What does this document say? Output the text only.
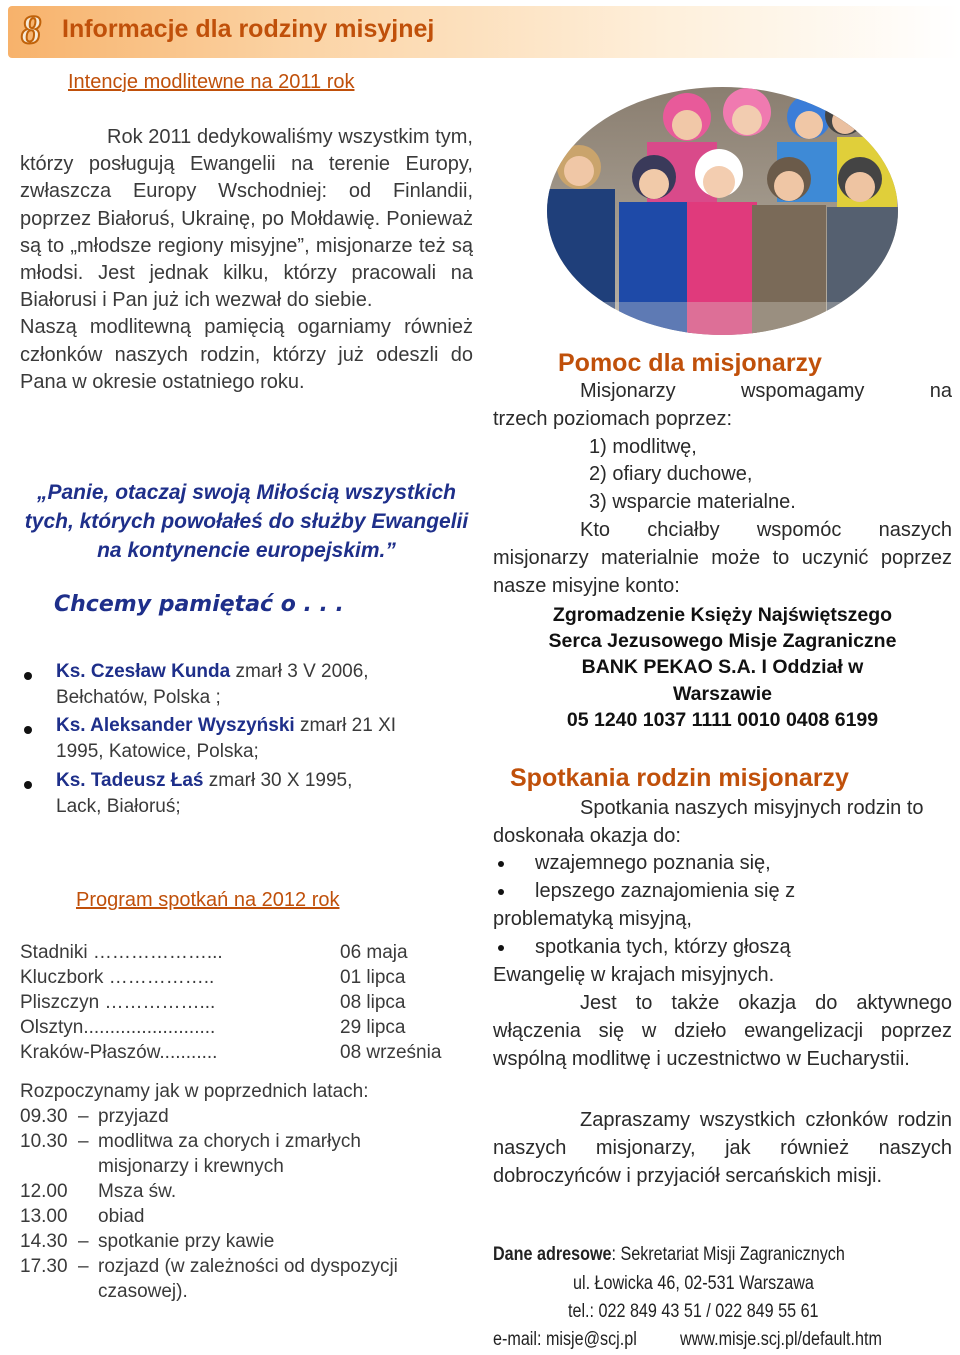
8 Informacje dla rodziny misyjnej
Intencje modlitewne na 2011 rok

Rok 2011 dedykowaliśmy wszystkim tym, którzy posługują Ewangelii na terenie Europy, zwłaszcza Europy Wschodniej: od Finlandii, poprzez Białoruś, Ukrainę, po Mołdawię. Ponieważ są to „młodsze regiony misyjne”, misjonarze też są młodsi. Jest jednak kilku, którzy pracowali na Białorusi i Pan już ich wezwał do siebie.

Naszą modlitewną pamięcią ogarniamy również członków naszych rodzin, którzy już odeszli do Pana w okresie ostatniego roku.

„Panie, otaczaj swoją Miłością wszystkich tych, których powołałeś do służby Ewangelii na kontynencie europejskim.”
Chcemy pamiętać o . . .
Ks. Czesław Kunda zmarł 3 V 2006,
Bełchatów, Polska ;
Ks. Aleksander Wyszyński zmarł 21 XI
1995, Katowice, Polska;
Ks. Tadeusz Łaś zmarł 30 X 1995,
Lack, Białoruś;
Program spotkań na 2012 rok
Stadniki ………………...	06 maja
Kluczbork ……………..	01 lipca
Pliszczyn ……………...	08 lipca
Olsztyn.........................	29 lipca
Kraków-Płaszów...........	08 września
Rozpoczynamy jak w poprzednich latach:
09.30 – przyjazd
10.30 – modlitwa za chorych i zmarłych
misjonarzy i krewnych
12.00 Msza św.
13.00 obiad
14.30 – spotkanie przy kawie
17.30 – rozjazd (w zależności od dyspozycji
czasowej).
Pomoc dla misjonarzy

Misjonarzy wspomagamy na

trzech poziomach poprzez:

1) modlitwę,

2) ofiary duchowe,

3) wsparcie materialne.

Kto chciałby wspomóc naszych misjonarzy materialnie może to uczynić poprzez nasze misyjne konto:

Zgromadzenie Księży Najświętszego
Serca Jezusowego Misje Zagraniczne
BANK PEKAO S.A. I Oddział w
Warszawie
05 1240 1037 1111 0010 0408 6199
Spotkania rodzin misjonarzy

Spotkania naszych misyjnych rodzin to doskonała okazja do:

wzajemnego poznania się,
lepszego zaznajomienia się z
problematyką misyjną,
spotkania tych, którzy głoszą
Ewangelię w krajach misyjnych.

Jest to także okazja do aktywnego włączenia się w dzieło ewangelizacji poprzez wspólną modlitwę i uczestnictwo w Eucharystii.

Zapraszamy wszystkich członków rodzin naszych misjonarzy, jak również naszych dobroczyńców i przyjaciół sercańskich misji.

Dane adresowe: Sekretariat Misji Zagranicznych
ul. Łowicka 46, 02-531 Warszawa
tel.: 022 849 43 51 / 022 849 55 61
e-mail: misje@scj.pl www.misje.scj.pl/default.htm
